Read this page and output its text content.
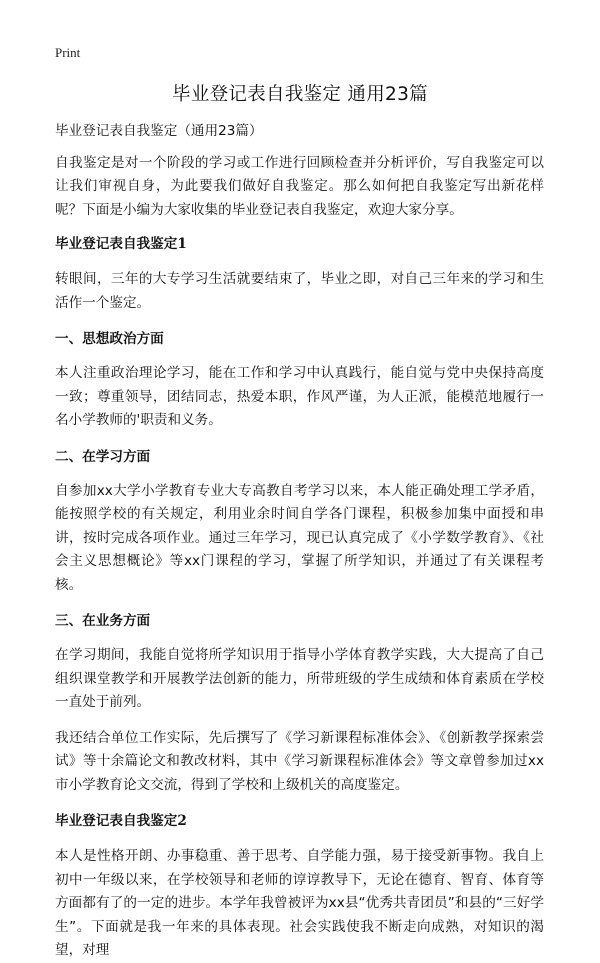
Print
毕业登记表自我鉴定 通用23篇

毕业登记表自我鉴定（通用23篇）

自我鉴定是对一个阶段的学习或工作进行回顾检查并分析评价，写自我鉴定可以让我们审视自身，为此要我们做好自我鉴定。那么如何把自我鉴定写出新花样呢？下面是小编为大家收集的毕业登记表自我鉴定，欢迎大家分享。

毕业登记表自我鉴定1

转眼间，三年的大专学习生活就要结束了，毕业之即，对自己三年来的学习和生活作一个鉴定。

一、思想政治方面

本人注重政治理论学习，能在工作和学习中认真践行，能自觉与党中央保持高度一致；尊重领导，团结同志，热爱本职，作风严谨，为人正派，能模范地履行一名小学教师的'职责和义务。

二、在学习方面

自参加xx大学小学教育专业大专高教自考学习以来，本人能正确处理工学矛盾，能按照学校的有关规定，利用业余时间自学各门课程，积极参加集中面授和串讲，按时完成各项作业。通过三年学习，现已认真完成了《小学数学教育》、《社会主义思想概论》等xx门课程的学习，掌握了所学知识，并通过了有关课程考核。

三、在业务方面

在学习期间，我能自觉将所学知识用于指导小学体育教学实践，大大提高了自己组织课堂教学和开展教学法创新的能力，所带班级的学生成绩和体育素质在学校一直处于前列。

我还结合单位工作实际，先后撰写了《学习新课程标准体会》、《创新教学探索尝试》等十余篇论文和教改材料，其中《学习新课程标准体会》等文章曾参加过xx市小学教育论文交流，得到了学校和上级机关的高度鉴定。

毕业登记表自我鉴定2

本人是性格开朗、办事稳重、善于思考、自学能力强，易于接受新事物。我自上初中一年级以来，在学校领导和老师的谆谆教导下，无论在德育、智育、体育等方面都有了的一定的进步。本学年我曾被评为xx县“优秀共青团员”和县的“三好学生”。下面就是我一年来的具体表现。社会实践使我不断走向成熟，对知识的渴望，对理
